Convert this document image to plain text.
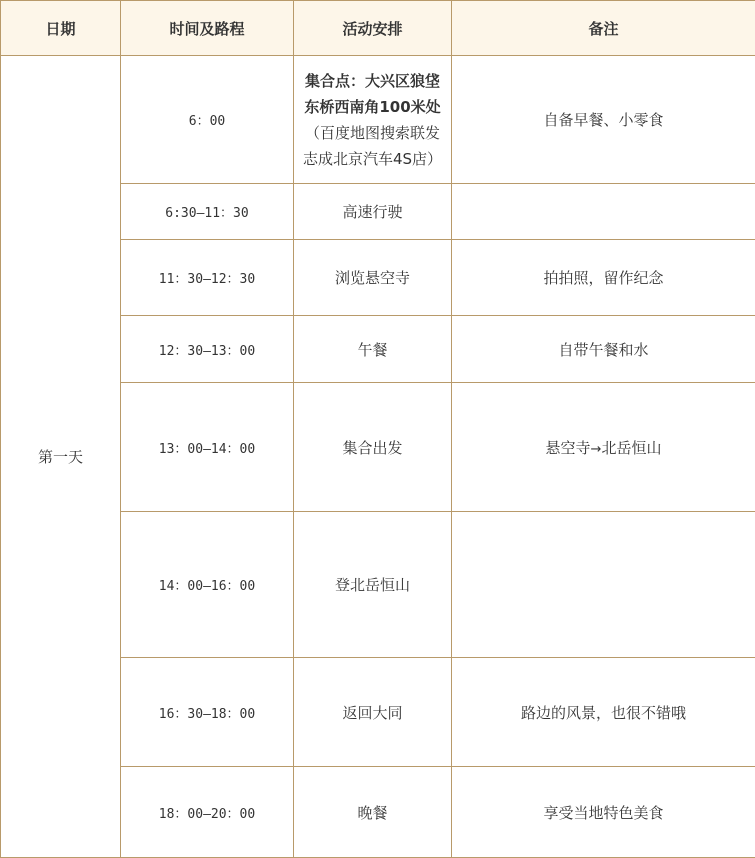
日期	时间及路程	活动安排	备注
第一天	6：00	集合点：大兴区狼垡东桥西南角100米处
（百度地图搜索联发志成北京汽车4S店）	自备早餐、小零食
	6:30—11：30	高速行驶	
	11：30—12：30	浏览悬空寺	拍拍照，留作纪念
	12：30—13：00	午餐	自带午餐和水
	13：00—14：00	集合出发	悬空寺→北岳恒山
	14：00—16：00	登北岳恒山	
	16：30—18：00	返回大同	路边的风景，也很不错哦
	18：00—20：00	晚餐	享受当地特色美食
